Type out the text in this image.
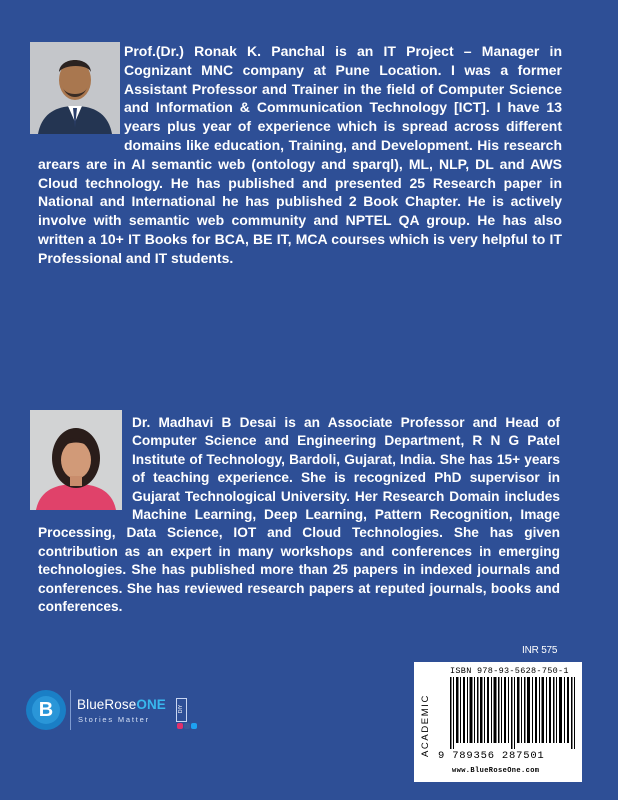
Prof.(Dr.) Ronak K. Panchal is an IT Project – Manager in Cognizant MNC company at Pune Location. I was a former Assistant Professor and Trainer in the field of Computer Science and Information & Communication Technology [ICT]. I have 13 years plus year of experience which is spread across different domains like education, Training, and Development. His research arears are in AI semantic web (ontology and sparql), ML, NLP, DL and AWS Cloud technology. He has published and presented 25 Research paper in National and International he has published 2 Book Chapter. He is actively involve with semantic web community and NPTEL QA group. He has also written a 10+ IT Books for BCA, BE IT, MCA courses which is very helpful to IT Professional and IT students.

Dr. Madhavi B Desai is an Associate Professor and Head of Computer Science and Engineering Department, R N G Patel Institute of Technology, Bardoli, Gujarat, India. She has 15+ years of teaching experience. She is recognized PhD supervisor in Gujarat Technological University. Her Research Domain includes Machine Learning, Deep Learning, Pattern Recognition, Image Processing, Data Science, IOT and Cloud Technologies. She has given contribution as an expert in many workshops and conferences in emerging technologies. She has published more than 25 papers in indexed journals and conferences. She has reviewed research papers at reputed journals, books and conferences.

INR 575
ACADEMIC
ISBN 978-93-5628-750-1
9 789356 287501
www.BlueRoseOne.com
B	BlueRoseONE
Stories Matter
DIY
